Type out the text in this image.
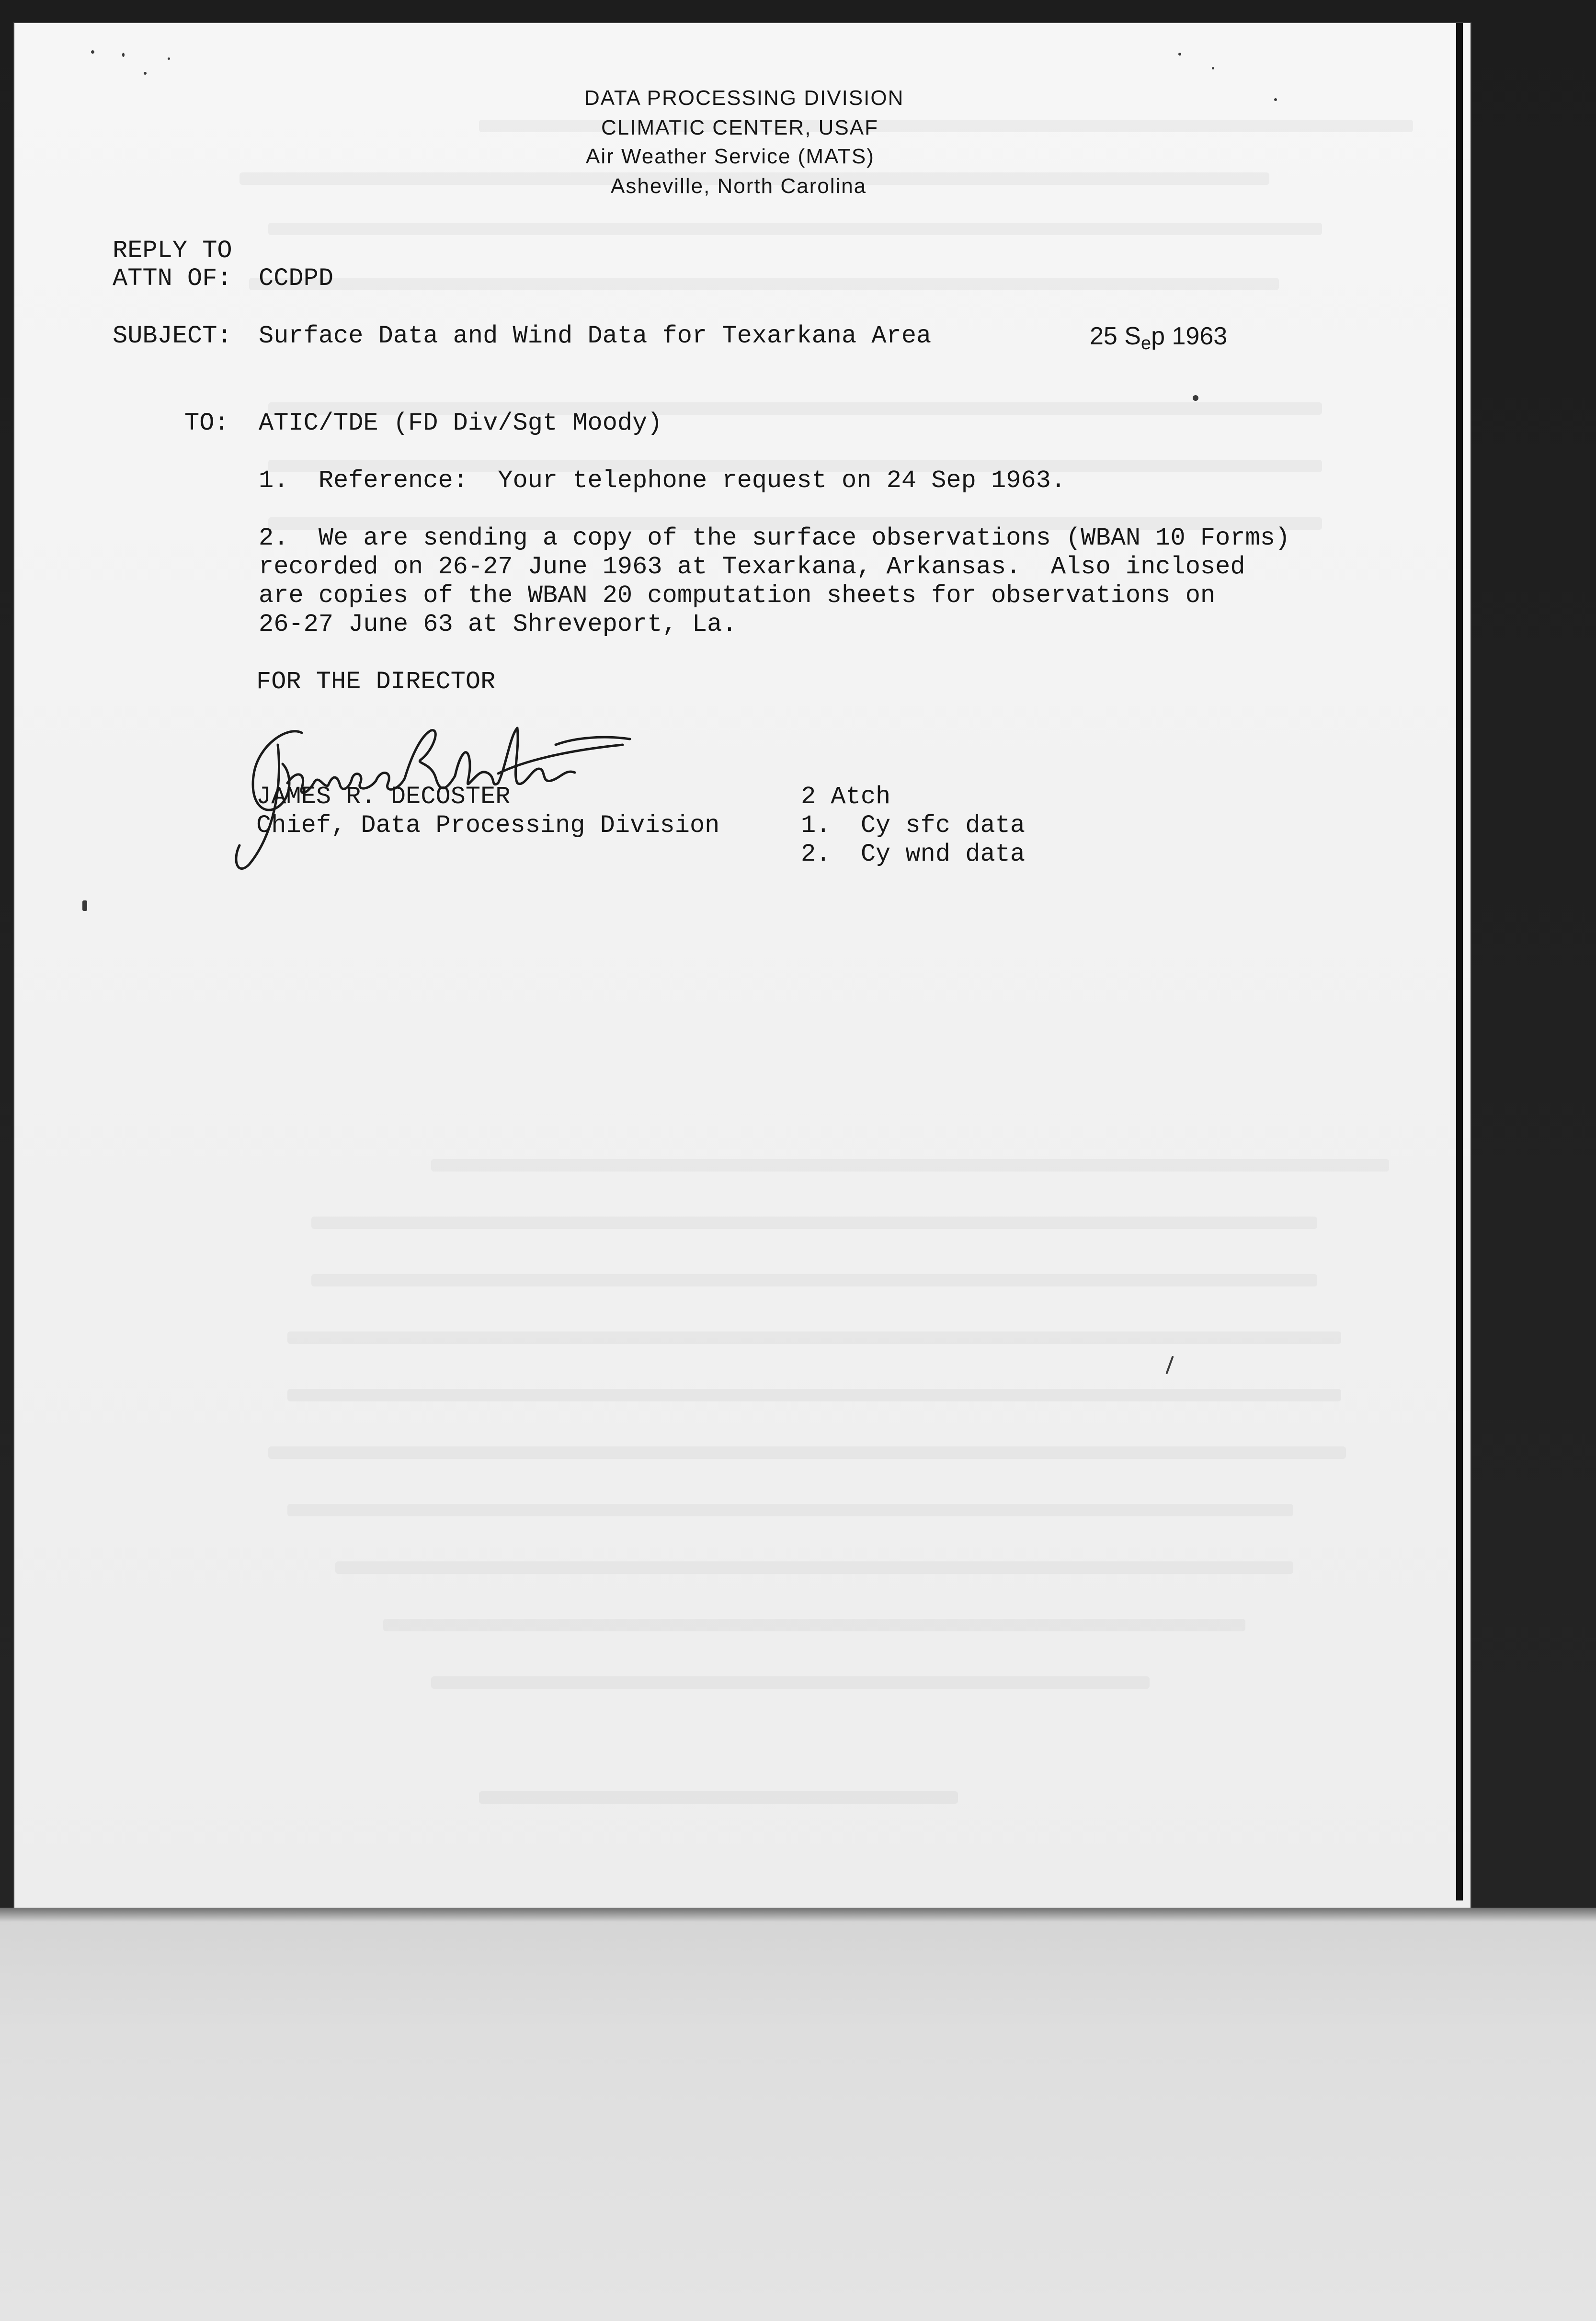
DATA PROCESSING DIVISION
CLIMATIC CENTER, USAF
Air Weather Service (MATS)
Asheville, North Carolina
REPLY TO
ATTN OF: CCDPD
SUBJECT: Surface Data and Wind Data for Texarkana Area	25 Sep 1963
TO: ATIC/TDE (FD Div/Sgt Moody)
1.  Reference:  Your telephone request on 24 Sep 1963.
2.  We are sending a copy of the surface observations (WBAN 10 Forms)
recorded on 26-27 June 1963 at Texarkana, Arkansas.  Also inclosed
are copies of the WBAN 20 computation sheets for observations on
26-27 June 63 at Shreveport, La.
FOR THE DIRECTOR
JAMES R. DECOSTER
Chief, Data Processing Division
2 Atch
1.  Cy sfc data
2.  Cy wnd data
